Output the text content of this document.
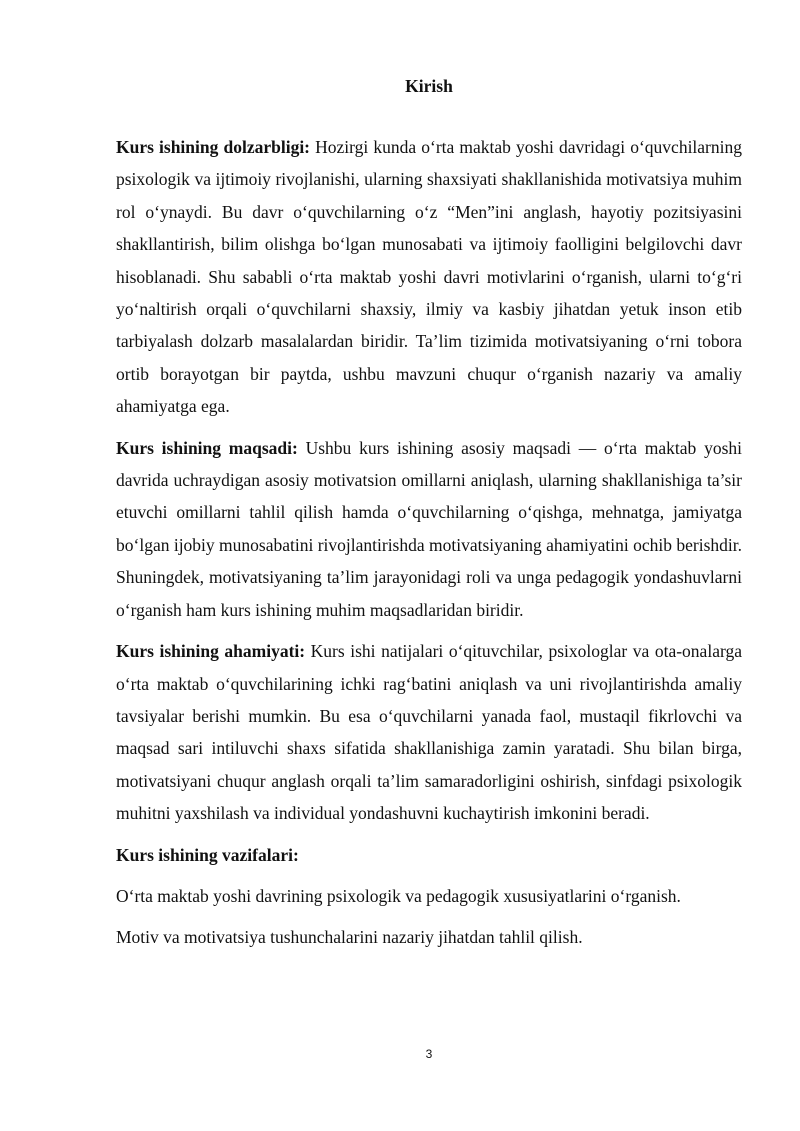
Kirish

Kurs ishining dolzarbligi: Hozirgi kunda o‘rta maktab yoshi davridagi o‘quvchilarning psixologik va ijtimoiy rivojlanishi, ularning shaxsiyati shakllanishida motivatsiya muhim rol o‘ynaydi. Bu davr o‘quvchilarning o‘z “Men”ini anglash, hayotiy pozitsiyasini shakllantirish, bilim olishga bo‘lgan munosabati va ijtimoiy faolligini belgilovchi davr hisoblanadi. Shu sababli o‘rta maktab yoshi davri motivlarini o‘rganish, ularni to‘g‘ri yo‘naltirish orqali o‘quvchilarni shaxsiy, ilmiy va kasbiy jihatdan yetuk inson etib tarbiyalash dolzarb masalalardan biridir. Ta’lim tizimida motivatsiyaning o‘rni tobora ortib borayotgan bir paytda, ushbu mavzuni chuqur o‘rganish nazariy va amaliy ahamiyatga ega.

Kurs ishining maqsadi: Ushbu kurs ishining asosiy maqsadi — o‘rta maktab yoshi davrida uchraydigan asosiy motivatsion omillarni aniqlash, ularning shakllanishiga ta’sir etuvchi omillarni tahlil qilish hamda o‘quvchilarning o‘qishga, mehnatga, jamiyatga bo‘lgan ijobiy munosabatini rivojlantirishda motivatsiyaning ahamiyatini ochib berishdir. Shuningdek, motivatsiyaning ta’lim jarayonidagi roli va unga pedagogik yondashuvlarni o‘rganish ham kurs ishining muhim maqsadlaridan biridir.

Kurs ishining ahamiyati: Kurs ishi natijalari o‘qituvchilar, psixologlar va ota-onalarga o‘rta maktab o‘quvchilarining ichki rag‘batini aniqlash va uni rivojlantirishda amaliy tavsiyalar berishi mumkin. Bu esa o‘quvchilarni yanada faol, mustaqil fikrlovchi va maqsad sari intiluvchi shaxs sifatida shakllanishiga zamin yaratadi. Shu bilan birga, motivatsiyani chuqur anglash orqali ta’lim samaradorligini oshirish, sinfdagi psixologik muhitni yaxshilash va individual yondashuvni kuchaytirish imkonini beradi.

Kurs ishining vazifalari:

O‘rta maktab yoshi davrining psixologik va pedagogik xususiyatlarini o‘rganish.

Motiv va motivatsiya tushunchalarini nazariy jihatdan tahlil qilish.

3
